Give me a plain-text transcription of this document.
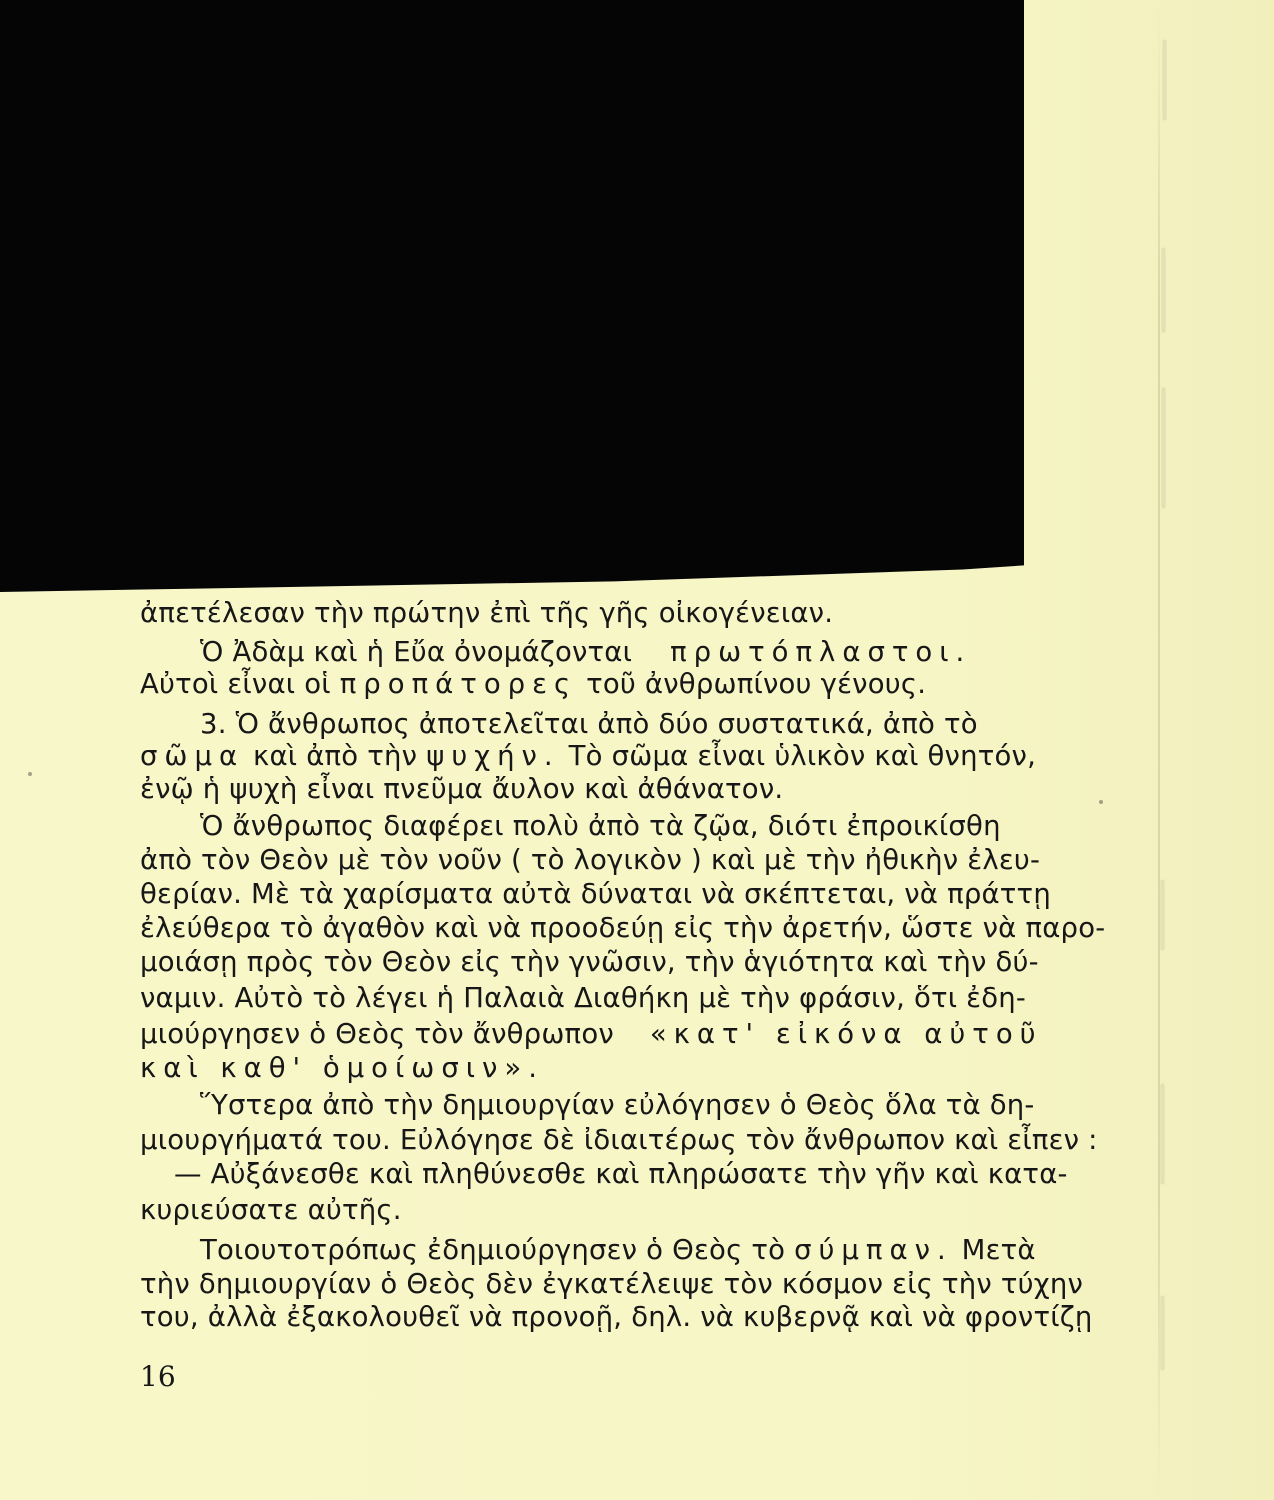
ἀπετέλεσαν τὴν πρώτην ἐπὶ τῆς γῆς οἰκογένειαν.
Ὁ Ἀδὰμ καὶ ἡ Εὔα ὀνομάζονται πρωτόπλαστοι.
Αὐτοὶ εἶναι οἱ προπάτορες τοῦ ἀνθρωπίνου γένους.
3. Ὁ ἄνθρωπος ἀποτελεῖται ἀπὸ δύο συστατικά, ἀπὸ τὸ
σῶμα καὶ ἀπὸ τὴν ψυχήν. Τὸ σῶμα εἶναι ὑλικὸν καὶ θνητόν,
ἐνῷ ἡ ψυχὴ εἶναι πνεῦμα ἄυλον καὶ ἀθάνατον.
Ὁ ἄνθρωπος διαφέρει πολὺ ἀπὸ τὰ ζῷα, διότι ἐπροικίσθη
ἀπὸ τὸν Θεὸν μὲ τὸν νοῦν ( τὸ λογικὸν ) καὶ μὲ τὴν ἠθικὴν ἐλευ-
θερίαν. Μὲ τὰ χαρίσματα αὐτὰ δύναται νὰ σκέπτεται, νὰ πράττῃ
ἐλεύθερα τὸ ἀγαθὸν καὶ νὰ προοδεύῃ εἰς τὴν ἀρετήν, ὥστε νὰ παρο-
μοιάσῃ πρὸς τὸν Θεὸν εἰς τὴν γνῶσιν, τὴν ἁγιότητα καὶ τὴν δύ-
ναμιν. Αὐτὸ τὸ λέγει ἡ Παλαιὰ Διαθήκη μὲ τὴν φράσιν, ὅτι ἐδη-
μιούργησεν ὁ Θεὸς τὸν ἄνθρωπον «κατ' εἰκόνα αὐτοῦ
καὶ καθ' ὁμοίωσιν».
Ὕστερα ἀπὸ τὴν δημιουργίαν εὐλόγησεν ὁ Θεὸς ὅλα τὰ δη-
μιουργήματά του. Εὐλόγησε δὲ ἰδιαιτέρως τὸν ἄνθρωπον καὶ εἶπεν :
— Αὐξάνεσθε καὶ πληθύνεσθε καὶ πληρώσατε τὴν γῆν καὶ κατα-
κυριεύσατε αὐτῆς.
Τοιουτοτρόπως ἐδημιούργησεν ὁ Θεὸς τὸ σύμπαν. Μετὰ
τὴν δημιουργίαν ὁ Θεὸς δὲν ἐγκατέλειψε τὸν κόσμον εἰς τὴν τύχην
του, ἀλλὰ ἐξακολουθεῖ νὰ προνοῇ, δηλ. νὰ κυβερνᾷ καὶ νὰ φροντίζῃ
16
